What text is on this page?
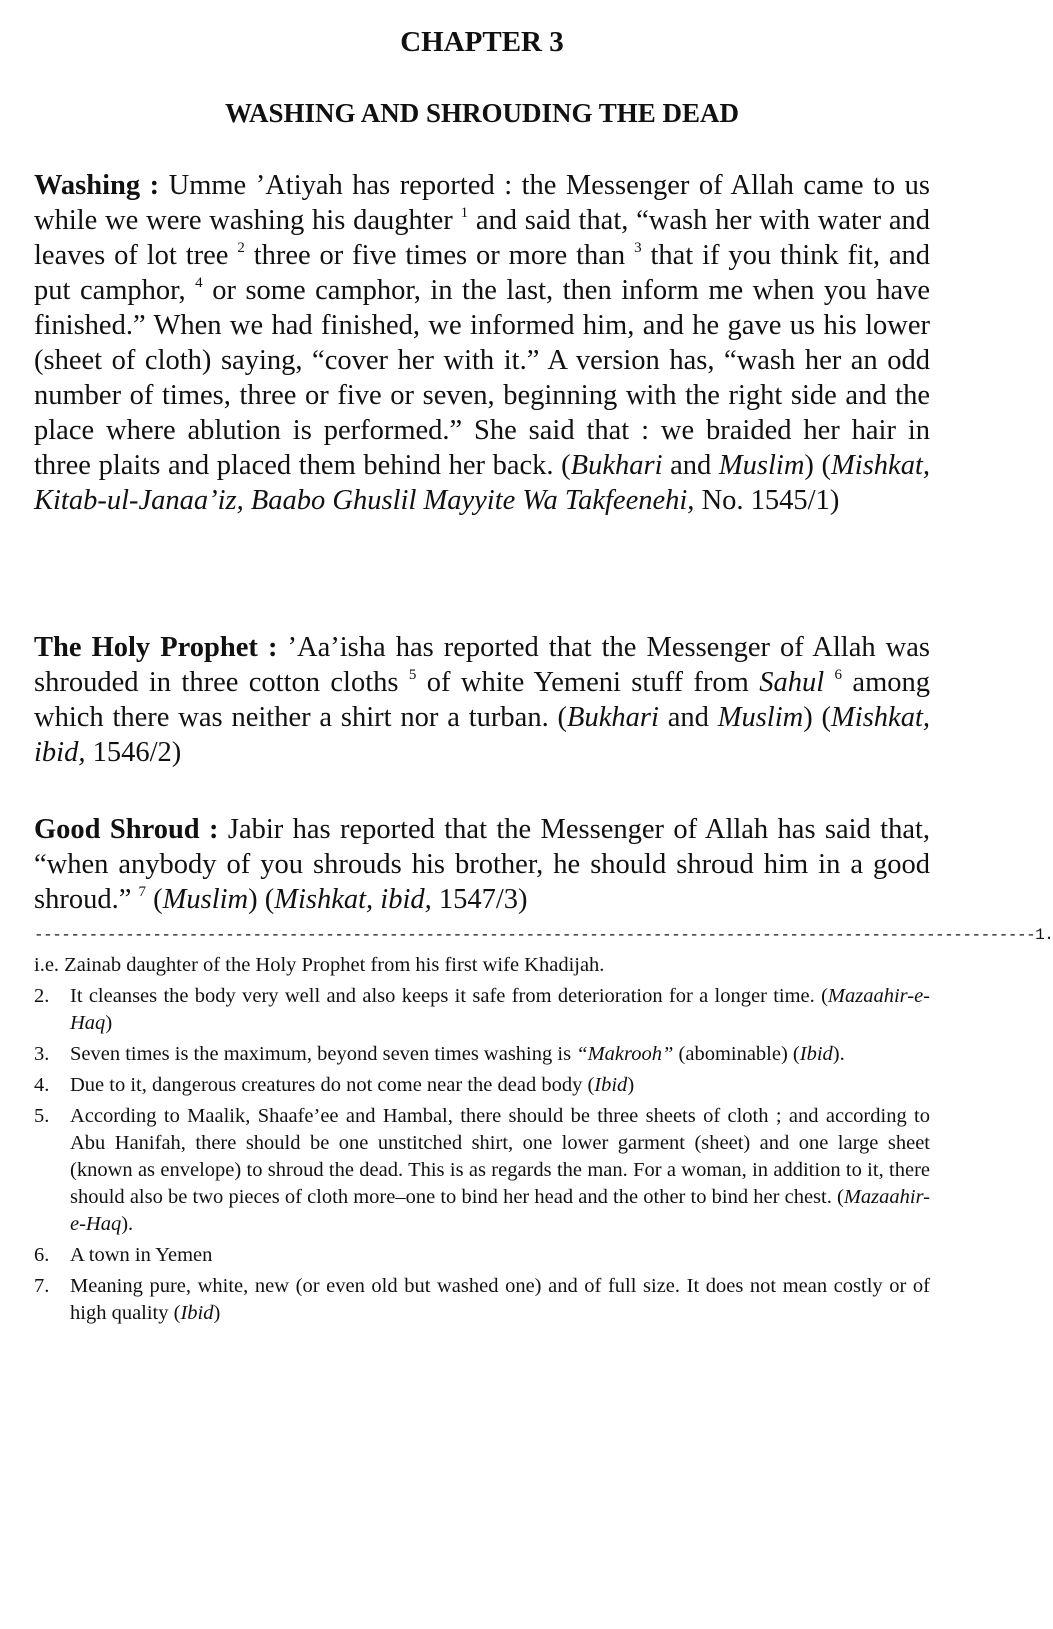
CHAPTER 3
WASHING AND SHROUDING THE DEAD

Washing : Umme ’Atiyah has reported : the Messenger of Allah came to us while we were washing his daughter $^1$ and said that, “wash her with water and leaves of lot tree $^2$ three or five times or more than $^3$ that if you think fit, and put camphor, $^4$ or some camphor, in the last, then inform me when you have finished.” When we had finished, we informed him, and he gave us his lower (sheet of cloth) saying, “cover her with it.” A version has, “wash her an odd number of times, three or five or seven, beginning with the right side and the place where ablution is performed.” She said that : we braided her hair in three plaits and placed them behind her back. (Bukhari and Muslim) (Mishkat, Kitab-ul-Janaa’iz, Baabo Ghuslil Mayyite Wa Takfeenehi, No. 1545/1)

The Holy Prophet : ’Aa’isha has reported that the Messenger of Allah was shrouded in three cotton cloths $^5$ of white Yemeni stuff from Sahul $^6$ among which there was neither a shirt nor a turban. (Bukhari and Muslim) (Mishkat, ibid, 1546/2)

Good Shroud : Jabir has reported that the Messenger of Allah has said that, “when anybody of you shrouds his brother, he should shroud him in a good shroud.” $^7$ (Muslim) (Mishkat, ibid, 1547/3)

--------------------------------------------------------------------------------------------------------------1.
i.e. Zainab daughter of the Holy Prophet from his first wife Khadijah.
2. It cleanses the body very well and also keeps it safe from deterioration for a longer time. (Mazaahir-e-Haq)
3. Seven times is the maximum, beyond seven times washing is “Makrooh” (abominable) (Ibid).
4. Due to it, dangerous creatures do not come near the dead body (Ibid)
5. According to Maalik, Shaafe’ee and Hambal, there should be three sheets of cloth ; and according to Abu Hanifah, there should be one unstitched shirt, one lower garment (sheet) and one large sheet (known as envelope) to shroud the dead. This is as regards the man. For a woman, in addition to it, there should also be two pieces of cloth more–one to bind her head and the other to bind her chest. (Mazaahir-e-Haq).
6. A town in Yemen
7. Meaning pure, white, new (or even old but washed one) and of full size. It does not mean costly or of high quality (Ibid)
